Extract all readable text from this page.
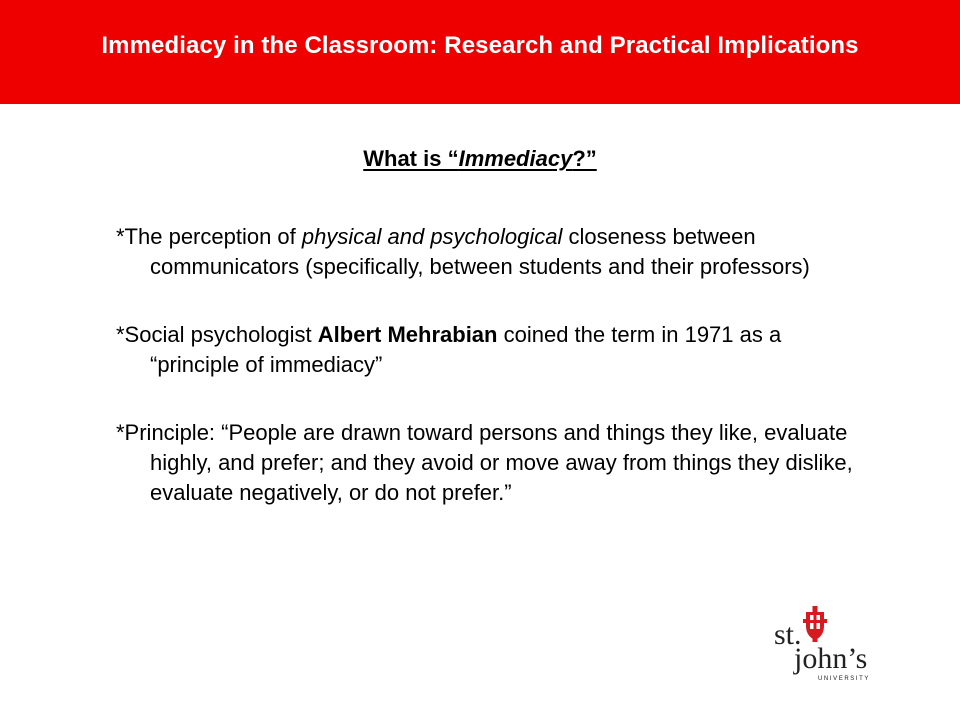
Immediacy in the Classroom: Research and Practical Implications
What is “Immediacy?”

*The perception of physical and psychological closeness between communicators (specifically, between students and their professors)

*Social psychologist Albert Mehrabian coined the term in 1971 as a “principle of immediacy”

*Principle: “People are drawn toward persons and things they like, evaluate highly, and prefer; and they avoid or move away from things they dislike, evaluate negatively, or do not prefer.”

st.
john’s
UNIVERSITY
